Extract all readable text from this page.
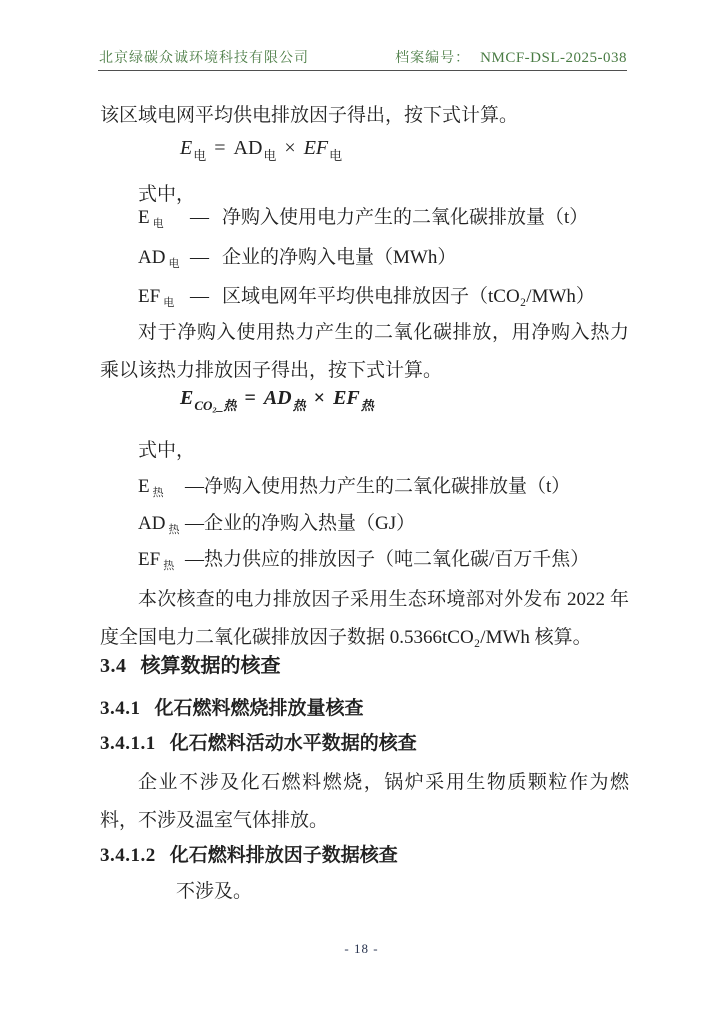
北京绿碳众诚环境科技有限公司	档案编号： NMCF-DSL-2025-038
该区域电网平均供电排放因子得出，按下式计算。
$E_电 = AD_电 \times EF_电$
式中，
E $_电$	— 净购入使用电力产生的二氧化碳排放量（t）
AD $_电$ — 企业的净购入电量（MWh）
EF $_电$ — 区域电网年平均供电排放因子（tCO₂/MWh）
对于净购入使用热力产生的二氧化碳排放，用净购入热力乘以该热力排放因子得出，按下式计算。
$E_{CO_2\_热} = AD_热 \times EF_热$
式中，
E $_热$	— 净购入使用热力产生的二氧化碳排放量（t）
AD $_热$ — 企业的净购入热量（GJ）
EF $_热$ — 热力供应的排放因子（吨二氧化碳/百万千焦）
本次核查的电力排放因子采用生态环境部对外发布 2022 年度全国电力二氧化碳排放因子数据 0.5366tCO₂/MWh 核算。
3.4 核算数据的核查
3.4.1 化石燃料燃烧排放量核查
3.4.1.1 化石燃料活动水平数据的核查
企业不涉及化石燃料燃烧，锅炉采用生物质颗粒作为燃料，不涉及温室气体排放。
3.4.1.2 化石燃料排放因子数据核查
不涉及。
- 18 -
